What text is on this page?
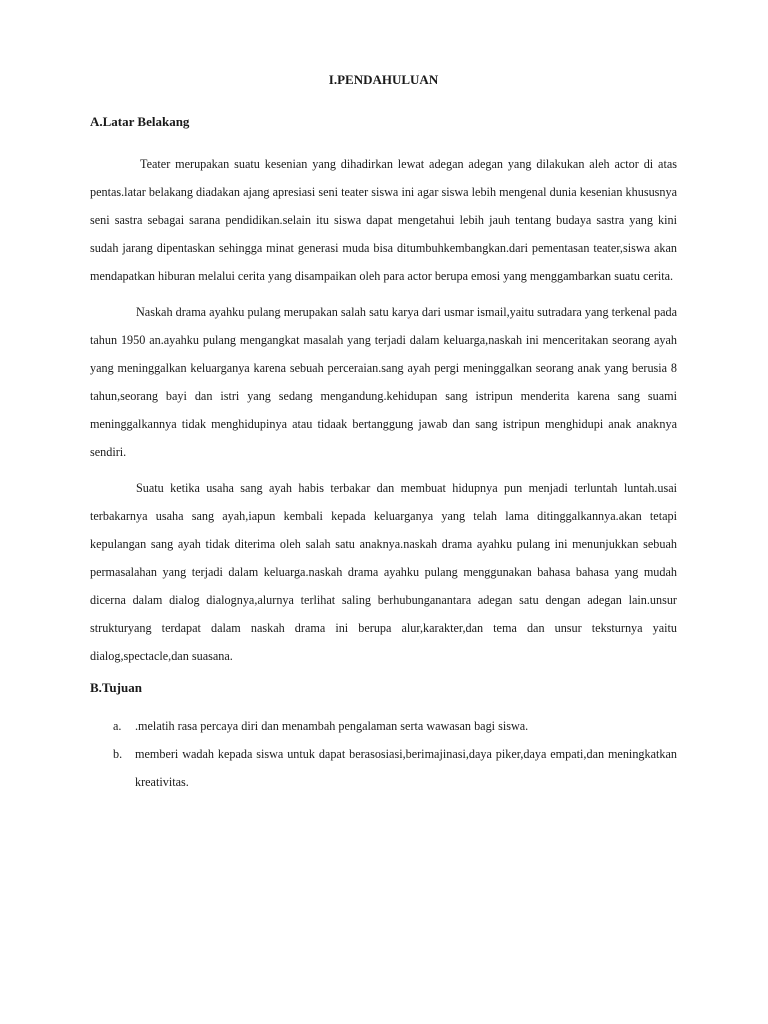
I.PENDAHULUAN
A.Latar Belakang

Teater merupakan suatu kesenian yang dihadirkan lewat adegan adegan yang dilakukan aleh actor di atas pentas.latar belakang diadakan ajang apresiasi seni teater siswa ini agar siswa lebih mengenal dunia kesenian khususnya seni sastra sebagai sarana pendidikan.selain itu siswa dapat mengetahui lebih jauh tentang budaya sastra yang kini sudah jarang dipentaskan sehingga minat generasi muda bisa ditumbuhkembangkan.dari pementasan teater,siswa akan mendapatkan hiburan melalui cerita yang disampaikan oleh para actor berupa emosi yang menggambarkan suatu cerita.

Naskah drama ayahku pulang merupakan salah satu karya dari usmar ismail,yaitu sutradara yang terkenal pada tahun 1950 an.ayahku pulang mengangkat masalah yang terjadi dalam keluarga,naskah ini menceritakan seorang ayah yang meninggalkan keluarganya karena sebuah perceraian.sang ayah pergi meninggalkan seorang anak yang berusia 8 tahun,seorang bayi dan istri yang sedang mengandung.kehidupan sang istripun menderita karena sang suami meninggalkannya tidak menghidupinya atau tidaak bertanggung jawab dan sang istripun menghidupi anak anaknya sendiri.

Suatu ketika usaha sang ayah habis terbakar dan membuat hidupnya pun menjadi terluntah luntah.usai terbakarnya usaha sang ayah,iapun kembali kepada keluarganya yang telah lama ditinggalkannya.akan tetapi kepulangan sang ayah tidak diterima oleh salah satu anaknya.naskah drama ayahku pulang ini menunjukkan sebuah permasalahan yang terjadi dalam keluarga.naskah drama ayahku pulang menggunakan bahasa bahasa yang mudah dicerna dalam dialog dialognya,alurnya terlihat saling berhubunganantara adegan satu dengan adegan lain.unsur strukturyang terdapat dalam naskah drama ini berupa alur,karakter,dan tema dan unsur teksturnya yaitu dialog,spectacle,dan suasana.

B.Tujuan
a. .melatih rasa percaya diri dan menambah pengalaman serta wawasan bagi siswa.
b. memberi wadah kepada siswa untuk dapat berasosiasi,berimajinasi,daya piker,daya empati,dan meningkatkan kreativitas.
